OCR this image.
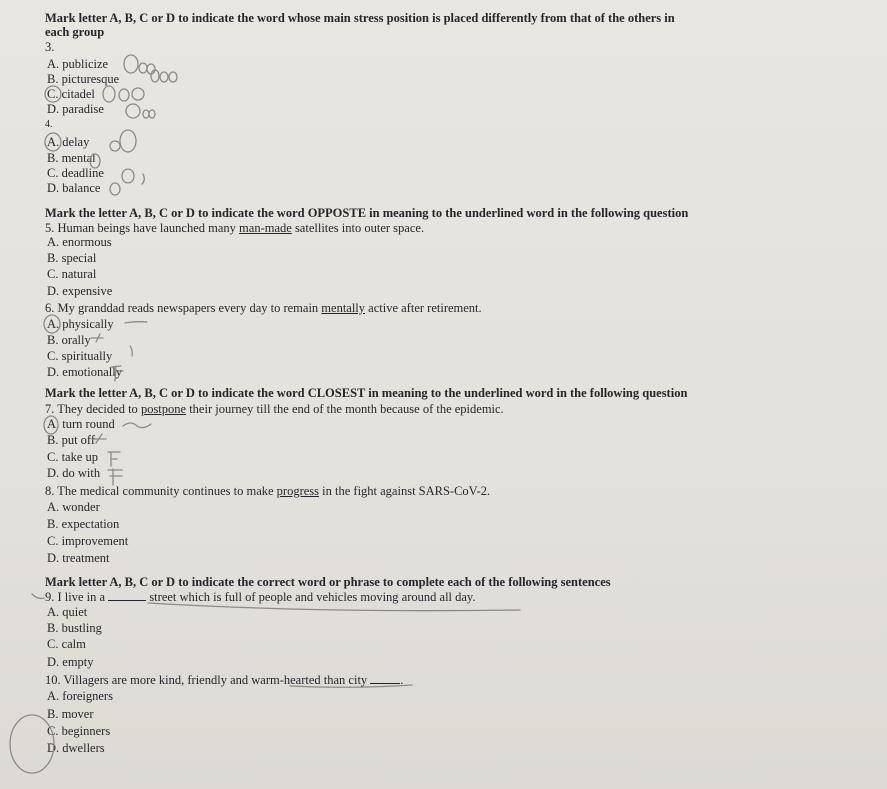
Mark letter A, B, C or D to indicate the word whose main stress position is placed differently from that of the others in
each group
3.
A. publicize
B. picturesque
C. citadel
D. paradise
4.
A. delay
B. mental
C. deadline
D. balance
Mark the letter A, B, C or D to indicate the word OPPOSTE in meaning to the underlined word in the following question
5. Human beings have launched many man-made satellites into outer space.
A. enormous
B. special
C. natural
D. expensive
6. My granddad reads newspapers every day to remain mentally active after retirement.
A. physically
B. orally
C. spiritually
D. emotionally
Mark the letter A, B, C or D to indicate the word CLOSEST in meaning to the underlined word in the following question
7. They decided to postpone their journey till the end of the month because of the epidemic.
A. turn round
B. put off
C. take up
D. do with
8. The medical community continues to make progress in the fight against SARS-CoV-2.
A. wonder
B. expectation
C. improvement
D. treatment
Mark letter A, B, C or D to indicate the correct word or phrase to complete each of the following sentences
9. I live in a	street which is full of people and vehicles moving around all day.
A. quiet
B. bustling
C. calm
D. empty
10. Villagers are more kind, friendly and warm-hearted than city .
A. foreigners
B. mover
C. beginners
D. dwellers
